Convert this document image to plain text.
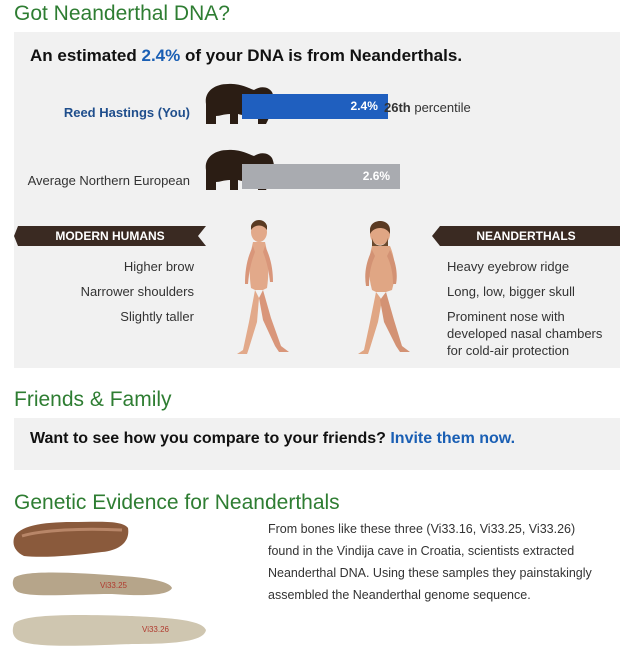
Got Neanderthal DNA?
An estimated 2.4% of your DNA is from Neanderthals.
Reed Hastings (You)	2.4% 26th percentile
Average Northern European	2.6%
MODERN HUMANS	NEANDERTHALS
Higher brow
Narrower shoulders
Slightly taller
Heavy eyebrow ridge
Long, low, bigger skull
Prominent nose with developed nasal chambers for cold-air protection
Friends & Family
Want to see how you compare to your friends? Invite them now.
Genetic Evidence for Neanderthals
Vi33.25
Vi33.26
From bones like these three (Vi33.16, Vi33.25, Vi33.26) found in the Vindija cave in Croatia, scientists extracted Neanderthal DNA. Using these samples they painstakingly assembled the Neanderthal genome sequence.
